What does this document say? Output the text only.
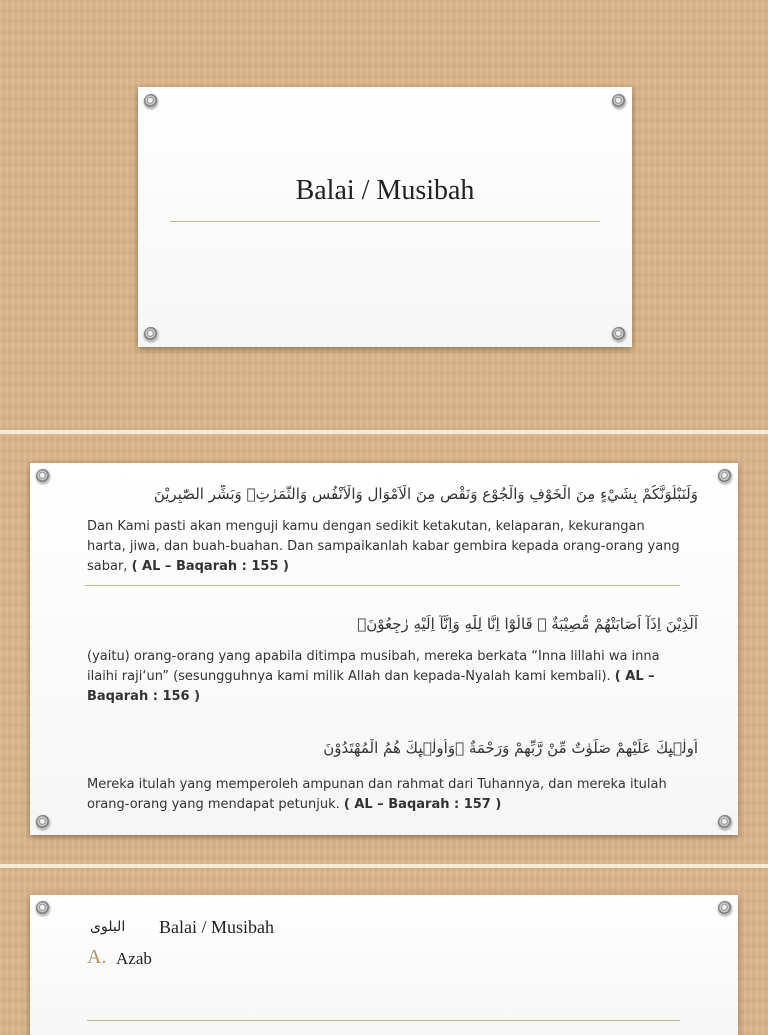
Balai / Musibah
وَلَنَبْلُوَنَّكُمْ بِشَيْءٍ مِنَ الْخَوْفِ وَالْجُوْعِ وَنَقْصٍ مِنَ الْاَمْوَالِ وَالْاَنْفُسِ وَالثَّمَرٰتِۗ وَبَشِّرِ الصّٰبِرِيْنَ
Dan Kami pasti akan menguji kamu dengan sedikit ketakutan, kelaparan, kekurangan harta, jiwa, dan buah-buahan. Dan sampaikanlah kabar gembira kepada orang-orang yang sabar, ( AL – Baqarah : 155 )
اَلَّذِيْنَ اِذَآ اَصَابَتْهُمْ مُّصِيْبَةٌ ۗ قَالُوْٓا اِنَّا لِلّٰهِ وَاِنَّآ اِلَيْهِ رٰجِعُوْنَۗ
(yaitu) orang-orang yang apabila ditimpa musibah, mereka berkata “Inna lillahi wa inna ilaihi raji‘un” (sesungguhnya kami milik Allah dan kepada-Nyalah kami kembali). ( AL – Baqarah : 156 )
اُولٰۤىِٕكَ عَلَيْهِمْ صَلَوٰتٌ مِّنْ رَّبِّهِمْ وَرَحْمَةٌ ۗوَاُولٰۤىِٕكَ هُمُ الْمُهْتَدُوْنَ
Mereka itulah yang memperoleh ampunan dan rahmat dari Tuhannya, dan mereka itulah orang-orang yang mendapat petunjuk. ( AL – Baqarah : 157 )
البلوى Balai / Musibah
A. Azab
